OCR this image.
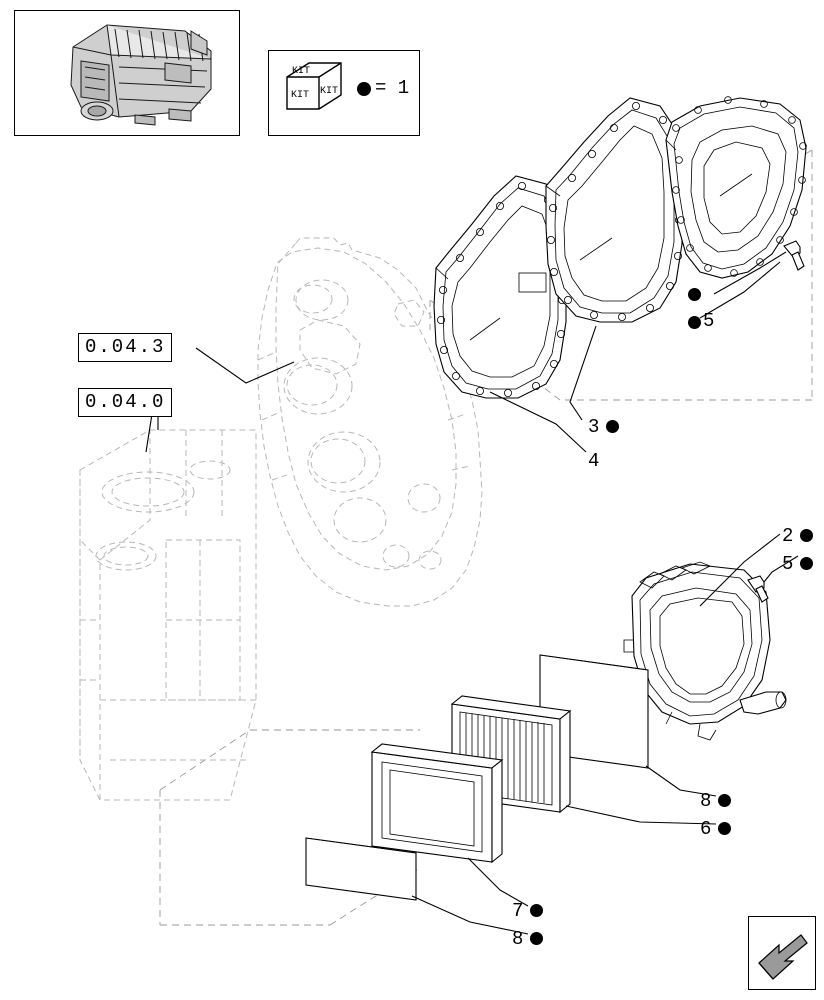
KIT
KIT KIT = 1
0.04.3
0.04.0
5
3
4
2
5
8
6
7
8
